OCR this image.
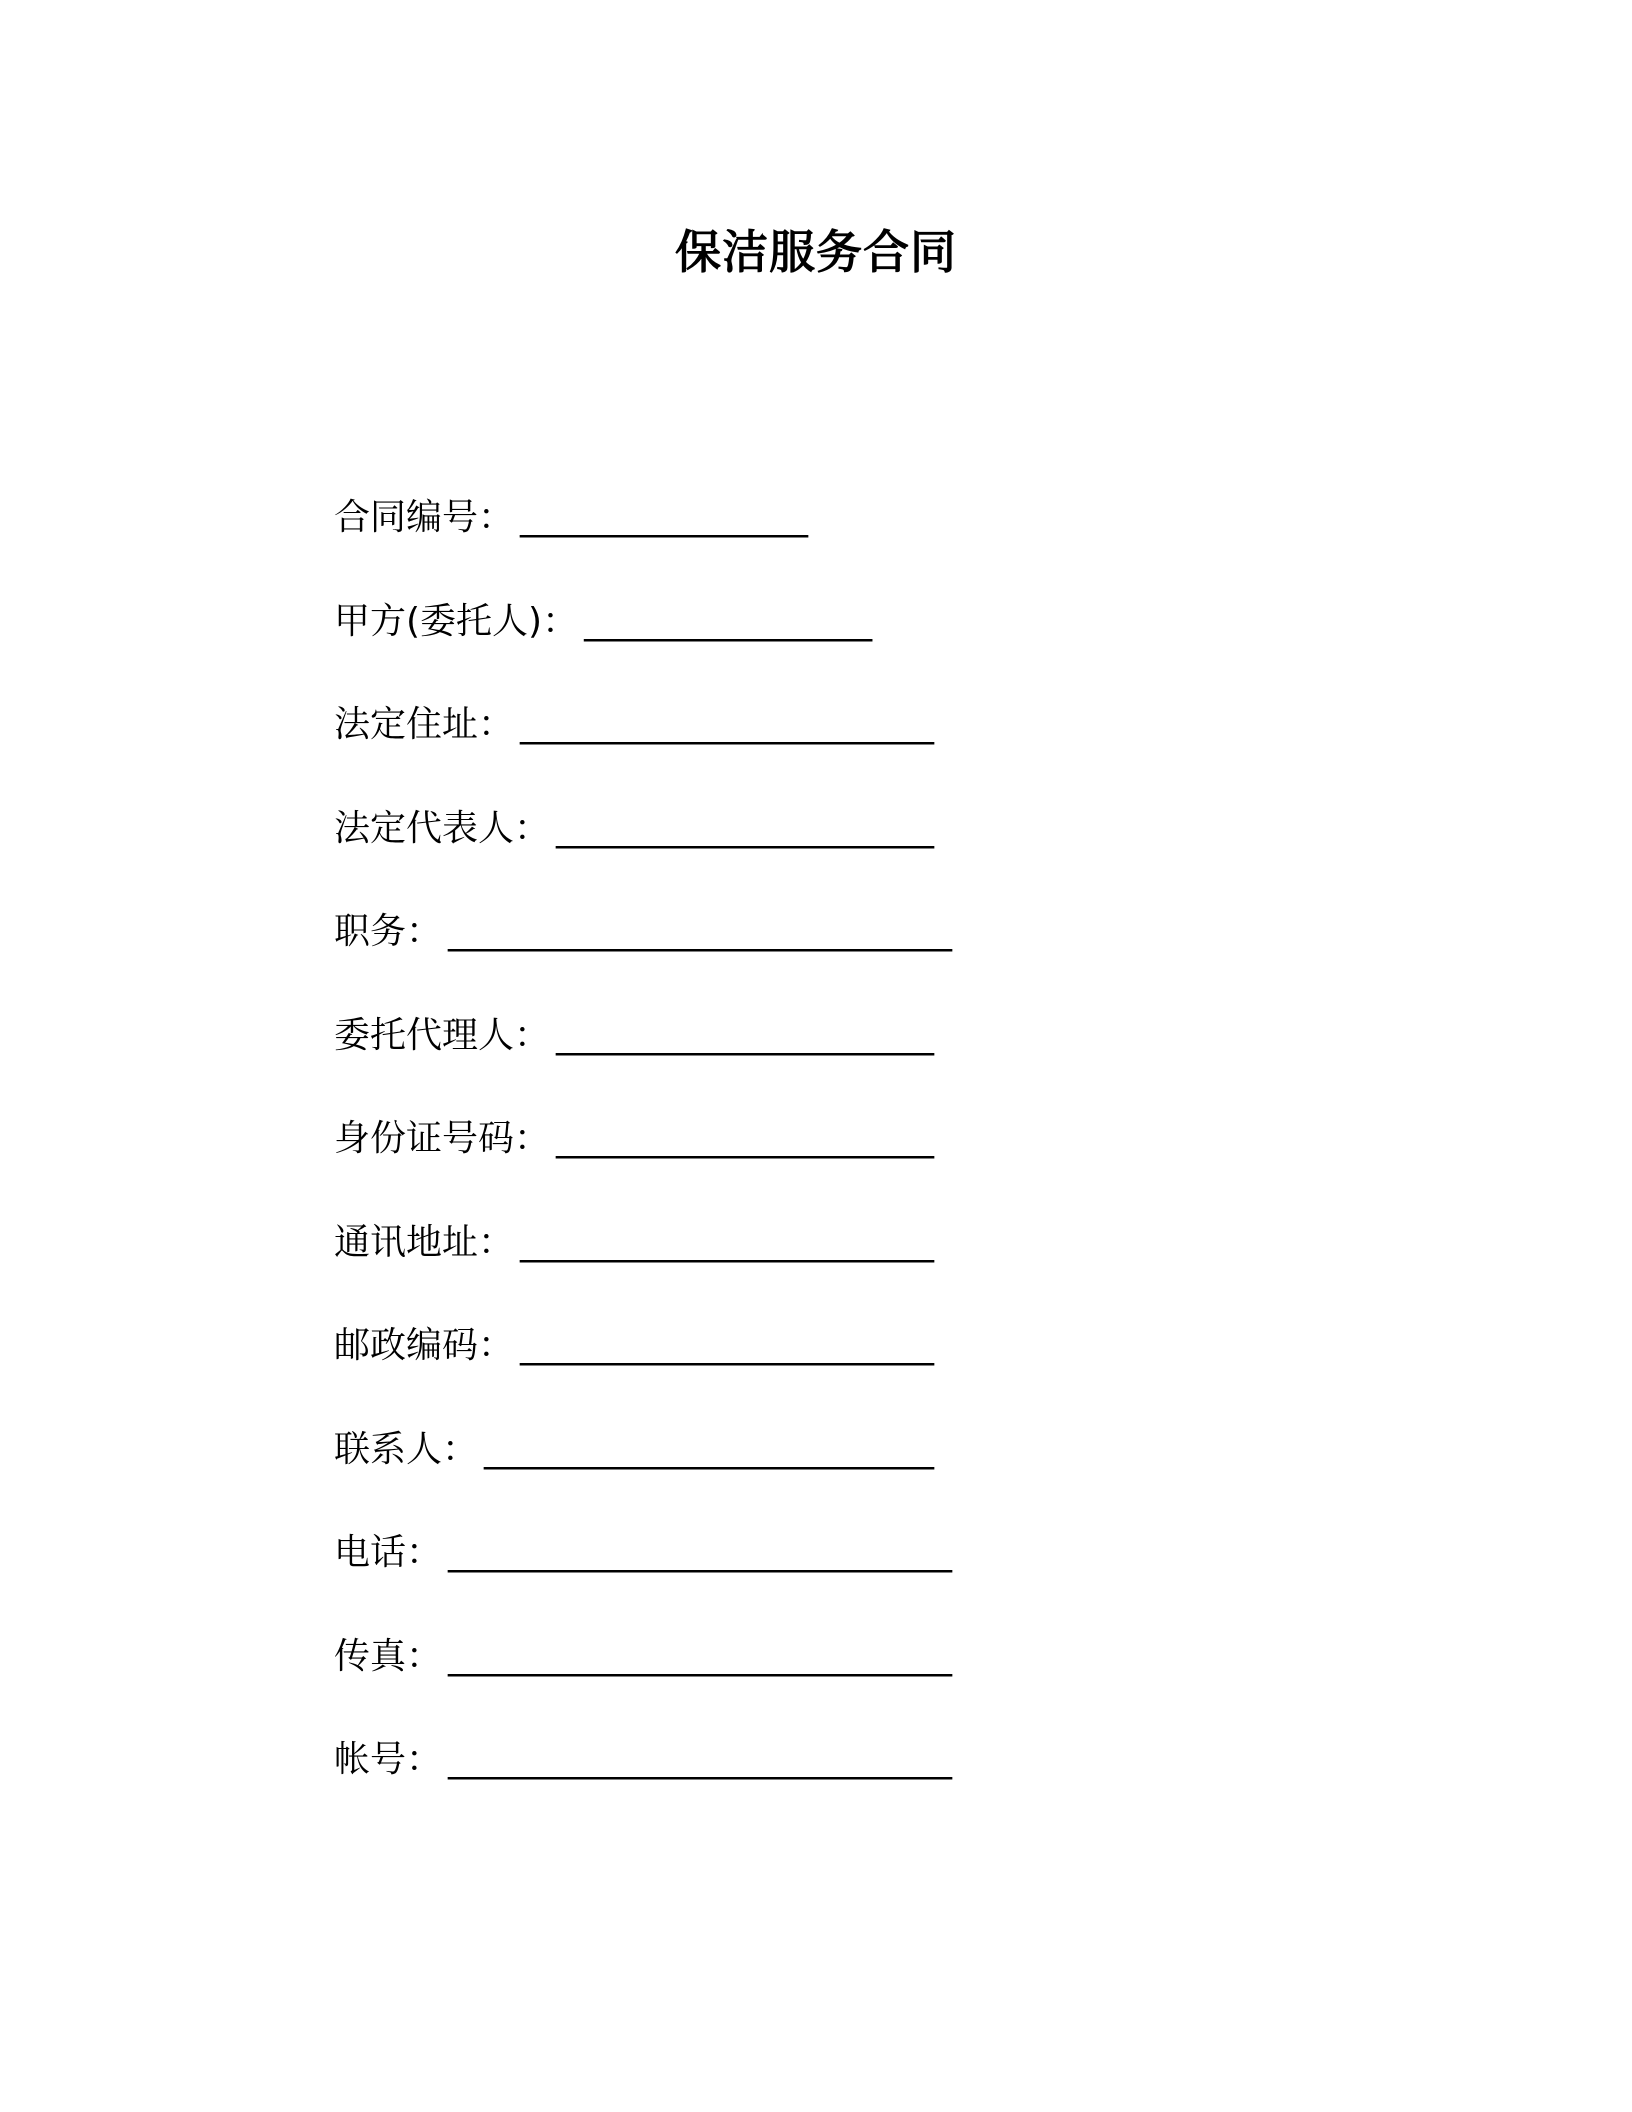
保洁服务合同
合同编号： ________________
甲方(委托人)： ________________
法定住址： _______________________
法定代表人： _____________________
职务： ____________________________
委托代理人： _____________________
身份证号码： _____________________
通讯地址： _______________________
邮政编码： _______________________
联系人： _________________________
电话： ____________________________
传真： ____________________________
帐号： ____________________________
